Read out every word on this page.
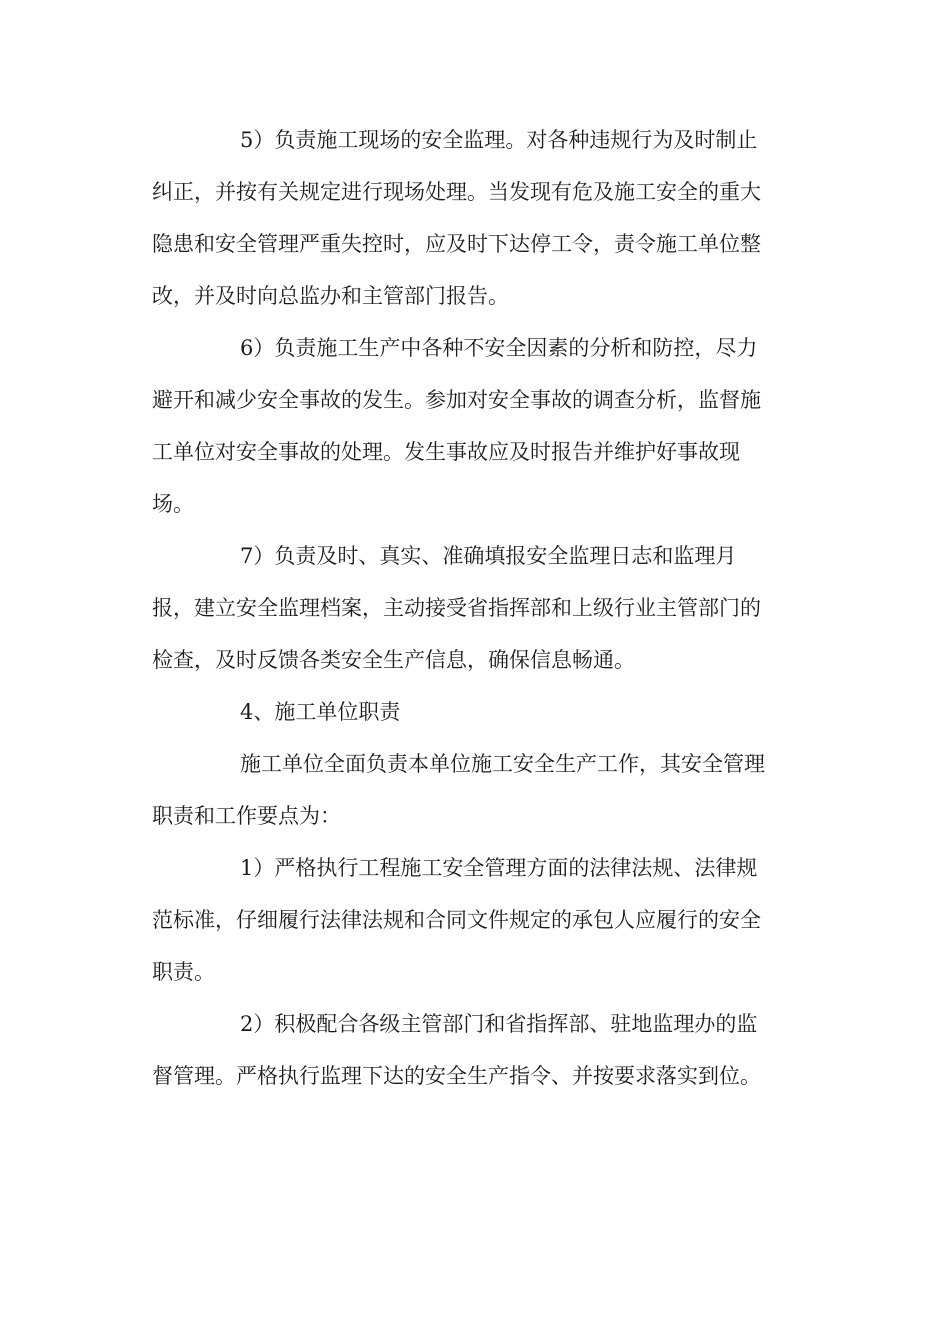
5）负责施工现场的安全监理。对各种违规行为及时制止
纠正，并按有关规定进行现场处理。当发现有危及施工安全的重大
隐患和安全管理严重失控时，应及时下达停工令，责令施工单位整
改，并及时向总监办和主管部门报告。
6）负责施工生产中各种不安全因素的分析和防控，尽力
避开和减少安全事故的发生。参加对安全事故的调查分析，监督施
工单位对安全事故的处理。发生事故应及时报告并维护好事故现
场。
7）负责及时、真实、准确填报安全监理日志和监理月
报，建立安全监理档案，主动接受省指挥部和上级行业主管部门的
检查，及时反馈各类安全生产信息，确保信息畅通。
4、施工单位职责
施工单位全面负责本单位施工安全生产工作，其安全管理
职责和工作要点为：
1）严格执行工程施工安全管理方面的法律法规、法律规
范标准，仔细履行法律法规和合同文件规定的承包人应履行的安全
职责。
2）积极配合各级主管部门和省指挥部、驻地监理办的监
督管理。严格执行监理下达的安全生产指令、并按要求落实到位。
